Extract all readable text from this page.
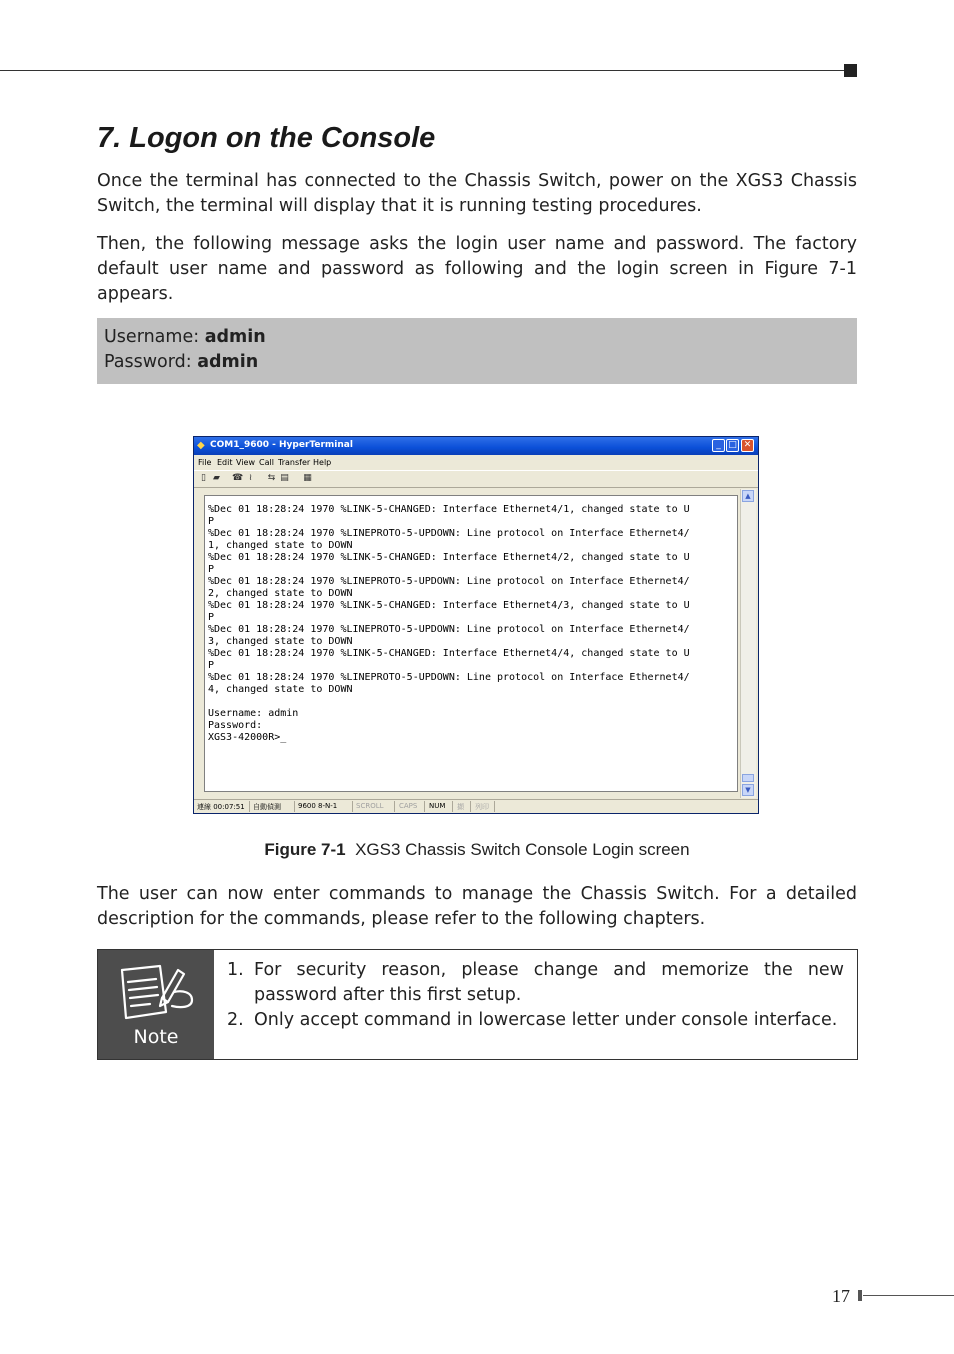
7. Logon on the Console

Once the terminal has connected to the Chassis Switch, power on the XGS3 Chassis Switch, the terminal will display that it is running testing procedures.

Then, the following message asks the login user name and password. The factory default user name and password as following and the login screen in Figure 7-1 appears.

Username: admin
Password: admin
◆ COM1_9600 - HyperTerminal	_ □ ✕
File Edit View Call Transfer Help
▯ ▰ ☎ ≀	⇆ ▤ ▦
%Dec 01 18:28:24 1970 %LINK-5-CHANGED: Interface Ethernet4/1, changed state to U
P
%Dec 01 18:28:24 1970 %LINEPROTO-5-UPDOWN: Line protocol on Interface Ethernet4/
1, changed state to DOWN
%Dec 01 18:28:24 1970 %LINK-5-CHANGED: Interface Ethernet4/2, changed state to U
P
%Dec 01 18:28:24 1970 %LINEPROTO-5-UPDOWN: Line protocol on Interface Ethernet4/
2, changed state to DOWN
%Dec 01 18:28:24 1970 %LINK-5-CHANGED: Interface Ethernet4/3, changed state to U
P
%Dec 01 18:28:24 1970 %LINEPROTO-5-UPDOWN: Line protocol on Interface Ethernet4/
3, changed state to DOWN
%Dec 01 18:28:24 1970 %LINK-5-CHANGED: Interface Ethernet4/4, changed state to U
P
%Dec 01 18:28:24 1970 %LINEPROTO-5-UPDOWN: Line protocol on Interface Ethernet4/
4, changed state to DOWN
Username: admin
Password:
XGS3-42000R>_
▲
▼
連線 00:07:51 自動偵測 9600 8-N-1	SCROLL CAPS NUM 擷 列印
Figure 7-1 XGS3 Chassis Switch Console Login screen

The user can now enter commands to manage the Chassis Switch. For a detailed description for the commands, please refer to the following chapters.

Note
1. For security reason, please change and memorize the new password after this first setup.
2. Only accept command in lowercase letter under console interface.
17
